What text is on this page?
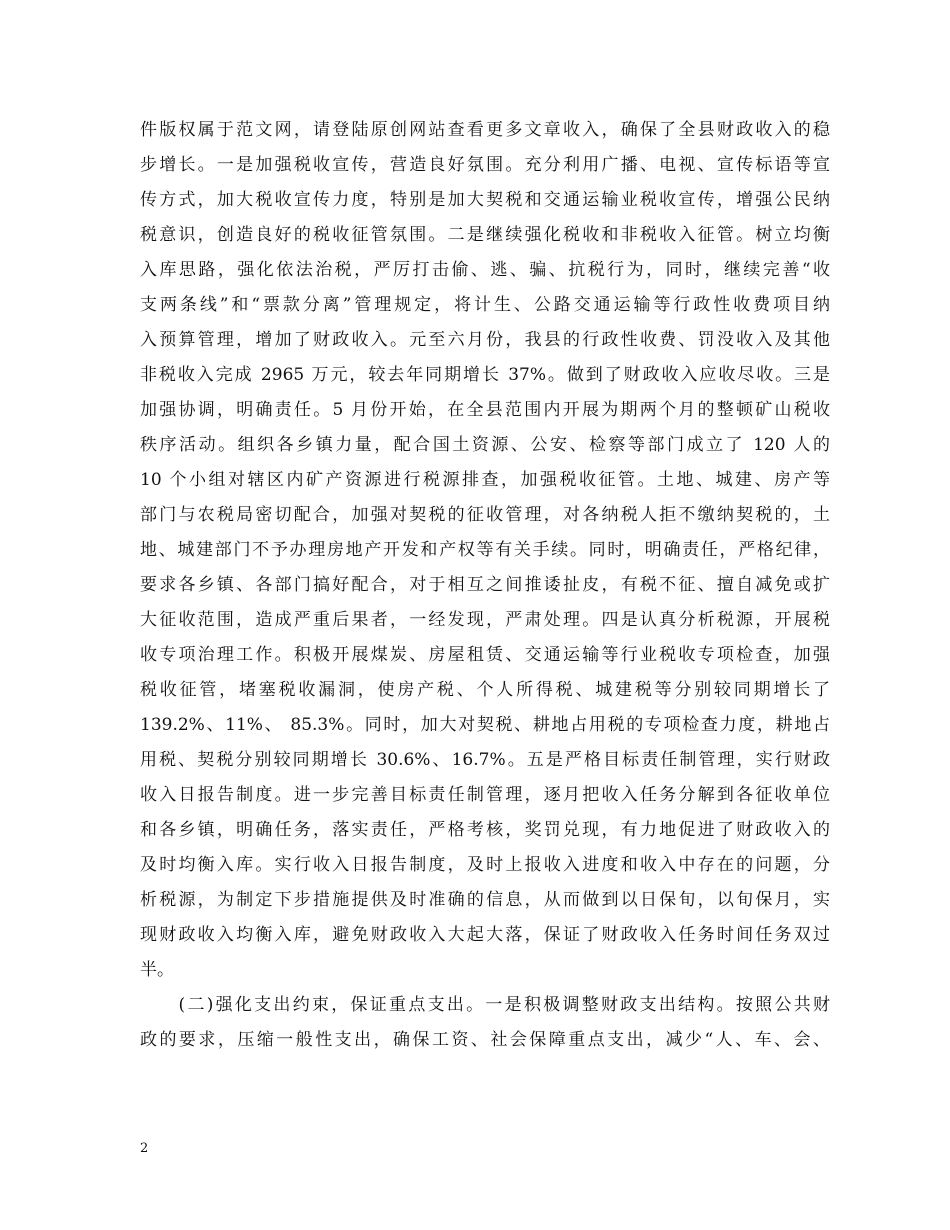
件版权属于范文网，请登陆原创网站查看更多文章收入，确保了全县财政收入的稳
步增长。一是加强税收宣传，营造良好氛围。充分利用广播、电视、宣传标语等宣
传方式，加大税收宣传力度，特别是加大契税和交通运输业税收宣传，增强公民纳
税意识，创造良好的税收征管氛围。二是继续强化税收和非税收入征管。树立均衡
入库思路，强化依法治税，严厉打击偷、逃、骗、抗税行为，同时，继续完善“收
支两条线”和“票款分离”管理规定，将计生、公路交通运输等行政性收费项目纳
入预算管理，增加了财政收入。元至六月份，我县的行政性收费、罚没收入及其他
非税收入完成 2965 万元，较去年同期增长 37%。做到了财政收入应收尽收。三是
加强协调，明确责任。5 月份开始，在全县范围内开展为期两个月的整顿矿山税收
秩序活动。组织各乡镇力量，配合国土资源、公安、检察等部门成立了 120 人的
10 个小组对辖区内矿产资源进行税源排查，加强税收征管。土地、城建、房产等
部门与农税局密切配合，加强对契税的征收管理，对各纳税人拒不缴纳契税的，土
地、城建部门不予办理房地产开发和产权等有关手续。同时，明确责任，严格纪律，
要求各乡镇、各部门搞好配合，对于相互之间推诿扯皮，有税不征、擅自减免或扩
大征收范围，造成严重后果者，一经发现，严肃处理。四是认真分析税源，开展税
收专项治理工作。积极开展煤炭、房屋租赁、交通运输等行业税收专项检查，加强
税收征管，堵塞税收漏洞，使房产税、个人所得税、城建税等分别较同期增长了
139.2%、11%、 85.3%。同时，加大对契税、耕地占用税的专项检查力度，耕地占
用税、契税分别较同期增长 30.6%、16.7%。五是严格目标责任制管理，实行财政
收入日报告制度。进一步完善目标责任制管理，逐月把收入任务分解到各征收单位
和各乡镇，明确任务，落实责任，严格考核，奖罚兑现，有力地促进了财政收入的
及时均衡入库。实行收入日报告制度，及时上报收入进度和收入中存在的问题，分
析税源，为制定下步措施提供及时准确的信息，从而做到以日保旬，以旬保月，实
现财政收入均衡入库，避免财政收入大起大落，保证了财政收入任务时间任务双过
半。
　　(二)强化支出约束，保证重点支出。一是积极调整财政支出结构。按照公共财
政的要求，压缩一般性支出，确保工资、社会保障重点支出，减少“人、车、会、
2
